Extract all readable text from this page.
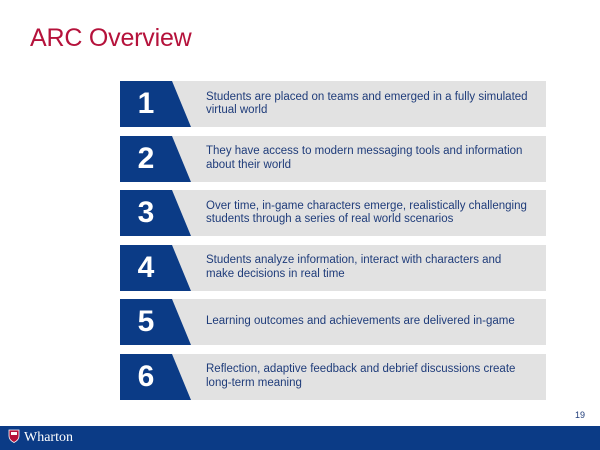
ARC Overview
1	Students are placed on teams and emerged in a fully simulated virtual world
2	They have access to modern messaging tools and information about their world
3	Over time, in-game characters emerge, realistically challenging students through a series of real world scenarios
4	Students analyze information, interact with characters and make decisions in real time
5	Learning outcomes and achievements are delivered in-game
6	Reflection, adaptive feedback and debrief discussions create long-term meaning
19
Wharton
